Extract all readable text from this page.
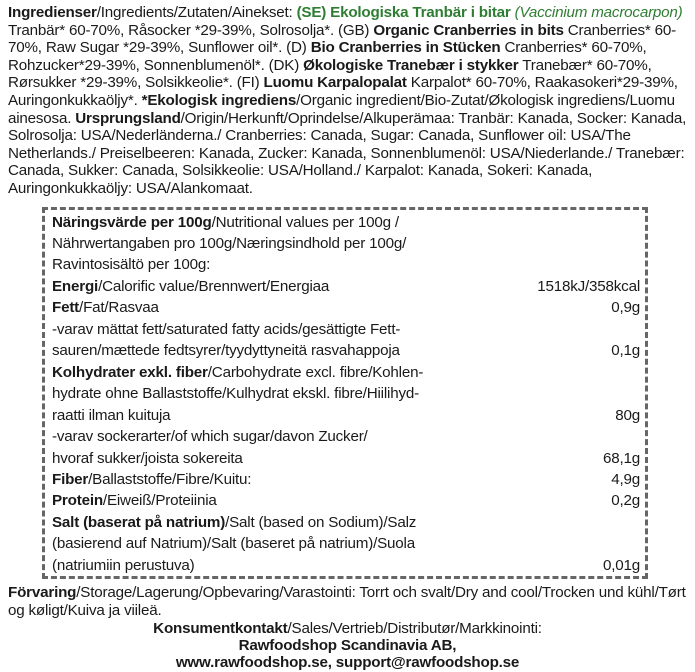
Ingredienser/Ingredients/Zutaten/Ainekset: (SE) Ekologiska Tranbär i bitar (Vaccinium macrocarpon) Tranbär* 60-70%, Råsocker *29-39%, Solrosolja*. (GB) Organic Cranberries in bits Cranberries* 60-70%, Raw Sugar *29-39%, Sunflower oil*. (D) Bio Cranberries in Stücken Cranberries* 60-70%, Rohzucker*29-39%, Sonnenblumenöl*. (DK) Økologiske Tranebær i stykker Tranebær* 60-70%, Rørsukker *29-39%, Solsikkeolie*. (FI) Luomu Karpalopalat Karpalot* 60-70%, Raakasokeri*29-39%, Auringonkukkaöljy*. *Ekologisk ingrediens/Organic ingredient/Bio-Zutat/Økologisk ingrediens/Luomu ainesosa. Ursprungsland/Origin/Herkunft/Oprindelse/Alkuperämaa: Tranbär: Kanada, Socker: Kanada, Solrosolja: USA/Nederländerna./ Cranberries: Canada, Sugar: Canada, Sunflower oil: USA/The Netherlands./ Preiselbeeren: Kanada, Zucker: Kanada, Sonnenblumenöl: USA/Niederlande./ Tranebær: Canada, Sukker: Canada, Solsikkeolie: USA/Holland./ Karpalot: Kanada, Sokeri: Kanada, Auringonkukkaöljy: USA/Alankomaat.
Näringsvärde per 100g/Nutritional values per 100g /
Nährwertangaben pro 100g/Næringsindhold per 100g/
Ravintosisältö per 100g:
Energi/Calorific value/Brennwert/Energiaa	1518kJ/358kcal
Fett/Fat/Rasvaa	0,9g
-varav mättat fett/saturated fatty acids/gesättigte Fett-
sauren/mættede fedtsyrer/tyydyttyneitä rasvahappoja	0,1g
Kolhydrater exkl. fiber/Carbohydrate excl. fibre/Kohlen-
hydrate ohne Ballaststoffe/Kulhydrat ekskl. fibre/Hiilihyd-
raatti ilman kuituja	80g
-varav sockerarter/of which sugar/davon Zucker/
hvoraf sukker/joista sokereita	68,1g
Fiber/Ballaststoffe/Fibre/Kuitu:	4,9g
Protein/Eiweiß/Proteiinia	0,2g
Salt (baserat på natrium)/Salt (based on Sodium)/Salz
(basierend auf Natrium)/Salt (baseret på natrium)/Suola
(natriumiin perustuva)	0,01g
Förvaring/Storage/Lagerung/Opbevaring/Varastointi: Torrt och svalt/Dry and cool/Trocken und kühl/Tørt og køligt/Kuiva ja viileä.
Konsumentkontakt/Sales/Vertrieb/Distributør/Markkinointi:
Rawfoodshop Scandinavia AB,
www.rawfoodshop.se, support@rawfoodshop.se
